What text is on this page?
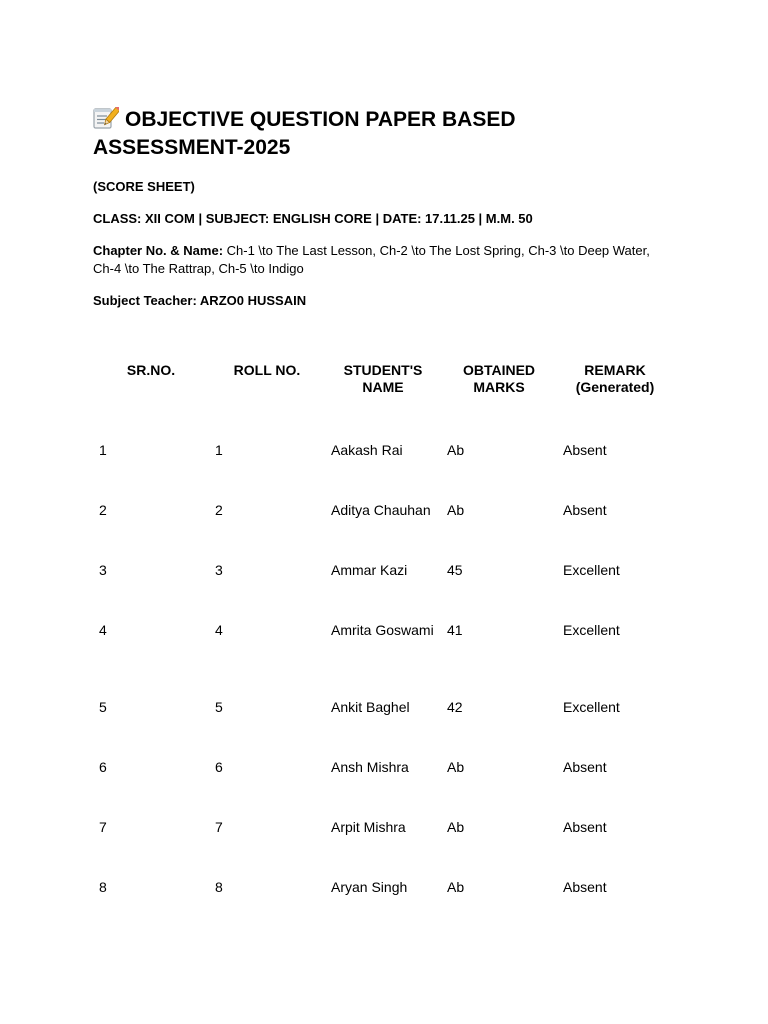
OBJECTIVE QUESTION PAPER BASED ASSESSMENT-2025

(SCORE SHEET)

CLASS: XII COM | SUBJECT: ENGLISH CORE | DATE: 17.11.25 | M.M. 50

Chapter No. & Name: Ch-1 \to The Last Lesson, Ch-2 \to The Lost Spring, Ch-3 \to Deep Water, Ch-4 \to The Rattrap, Ch-5 \to Indigo

Subject Teacher: ARZO0 HUSSAIN

SR.NO.	ROLL NO.	STUDENT'S NAME	OBTAINED MARKS	REMARK (Generated)
1	1	Aakash Rai	Ab	Absent
2	2	Aditya Chauhan	Ab	Absent
3	3	Ammar Kazi	45	Excellent
4	4	Amrita Goswami	41	Excellent
5	5	Ankit Baghel	42	Excellent
6	6	Ansh Mishra	Ab	Absent
7	7	Arpit Mishra	Ab	Absent
8	8	Aryan Singh	Ab	Absent
